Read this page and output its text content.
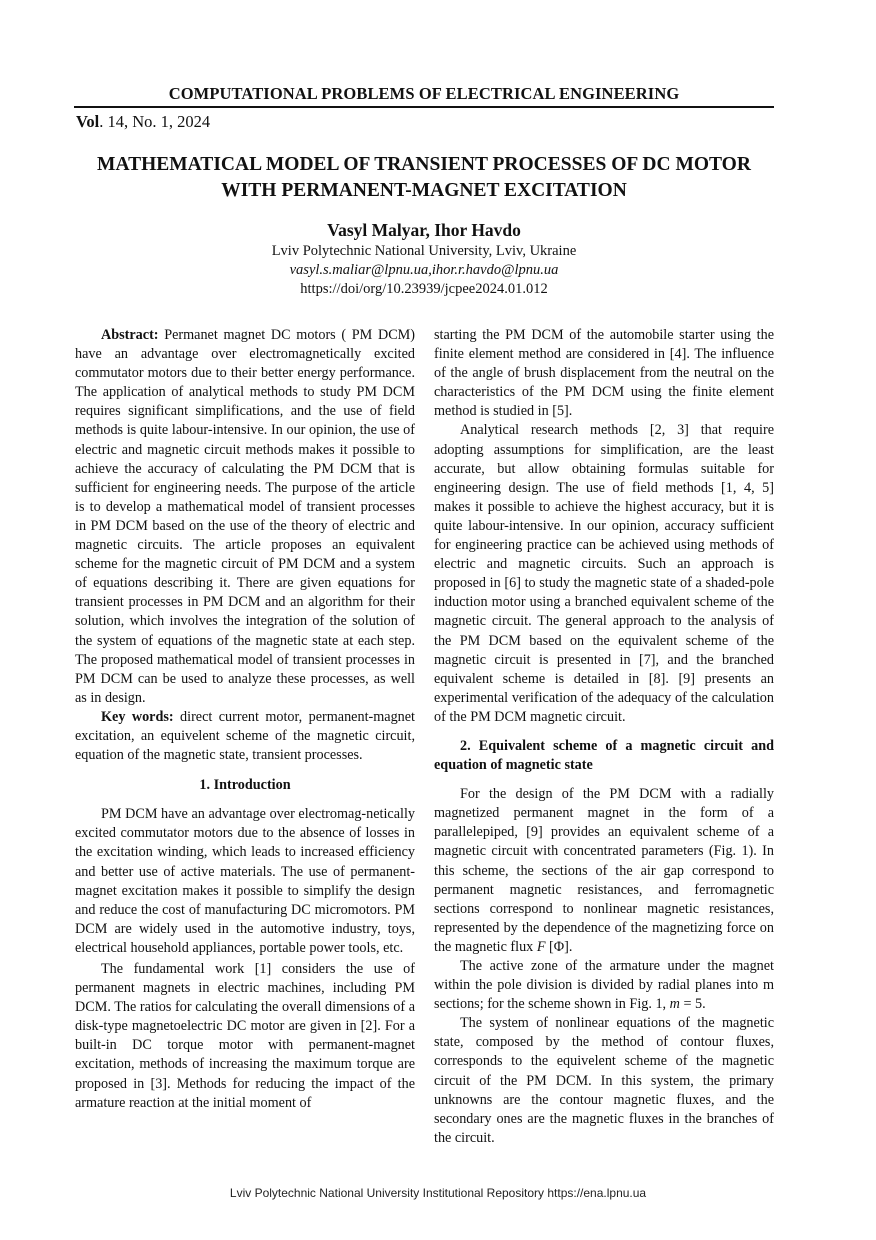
COMPUTATIONAL PROBLEMS OF ELECTRICAL ENGINEERING
Vol. 14, No. 1, 2024
MATHEMATICAL MODEL OF TRANSIENT PROCESSES OF DC MOTOR
WITH PERMANENT-MAGNET EXCITATION
Vasyl Malyar, Ihor Havdo
Lviv Polytechnic National University, Lviv, Ukraine
vasyl.s.maliar@lpnu.ua,ihor.r.havdo@lpnu.ua
https://doi/org/10.23939/jcpee2024.01.012

Abstract: Permanet magnet DC motors ( PM DCM) have an advantage over electromagnetically excited commutator motors due to their better energy performance. The application of analytical methods to study PM DCM requires significant simplifications, and the use of field methods is quite labour-intensive. In our opinion, the use of electric and magnetic circuit methods makes it possible to achieve the accuracy of calculating the PM DCM that is sufficient for engineering needs. The purpose of the article is to develop a mathematical model of transient processes in PM DCM based on the use of the theory of electric and magnetic circuits. The article proposes an equivalent scheme for the magnetic circuit of PM DCM and a system of equations describing it. There are given equations for transient processes in PM DCM and an algorithm for their solution, which involves the integration of the solution of the system of equations of the magnetic state at each step. The proposed mathematical model of transient processes in PM DCM can be used to analyze these processes, as well as in design.

Key words: direct current motor, permanent-magnet excitation, an equivelent scheme of the magnetic circuit, equation of the magnetic state, transient processes.

1. Introduction

PM DCM have an advantage over electromag-netically excited commutator motors due to the absence of losses in the excitation winding, which leads to increased efficiency and better use of active materials. The use of permanent-magnet excitation makes it possible to simplify the design and reduce the cost of manufacturing DC micromotors. PM DCM are widely used in the automotive industry, toys, electrical household appliances, portable power tools, etc.

The fundamental work [1] considers the use of permanent magnets in electric machines, including PM DCM. The ratios for calculating the overall dimensions of a disk-type magnetoelectric DC motor are given in [2]. For a built-in DC torque motor with permanent-magnet excitation, methods of increasing the maximum torque are proposed in [3]. Methods for reducing the impact of the armature reaction at the initial moment of

starting the PM DCM of the automobile starter using the finite element method are considered in [4]. The influence of the angle of brush displacement from the neutral on the characteristics of the PM DCM using the finite element method is studied in [5].

Analytical research methods [2, 3] that require adopting assumptions for simplification, are the least accurate, but allow obtaining formulas suitable for engineering design. The use of field methods [1, 4, 5] makes it possible to achieve the highest accuracy, but it is quite labour-intensive. In our opinion, accuracy sufficient for engineering practice can be achieved using methods of electric and magnetic circuits. Such an approach is proposed in [6] to study the magnetic state of a shaded-pole induction motor using a branched equivalent scheme of the magnetic circuit. The general approach to the analysis of the PM DCM based on the equivalent scheme of the magnetic circuit is presented in [7], and the branched equivalent scheme is detailed in [8]. [9] presents an experimental verification of the adequacy of the calculation of the PM DCM magnetic circuit.

2. Equivalent scheme of a magnetic circuit and equation of magnetic state

For the design of the PM DCM with a radially magnetized permanent magnet in the form of a parallelepiped, [9] provides an equivalent scheme of a magnetic circuit with concentrated parameters (Fig. 1). In this scheme, the sections of the air gap correspond to permanent magnetic resistances, and ferromagnetic sections correspond to nonlinear magnetic resistances, represented by the dependence of the magnetizing force on the magnetic flux F [Φ].

The active zone of the armature under the magnet within the pole division is divided by radial planes into m sections; for the scheme shown in Fig. 1, m = 5.

The system of nonlinear equations of the magnetic state, composed by the method of contour fluxes, corresponds to the equivelent scheme of the magnetic circuit of the PM DCM. In this system, the primary unknowns are the contour magnetic fluxes, and the secondary ones are the magnetic fluxes in the branches of the circuit.

Lviv Polytechnic National University Institutional Repository https://ena.lpnu.ua
